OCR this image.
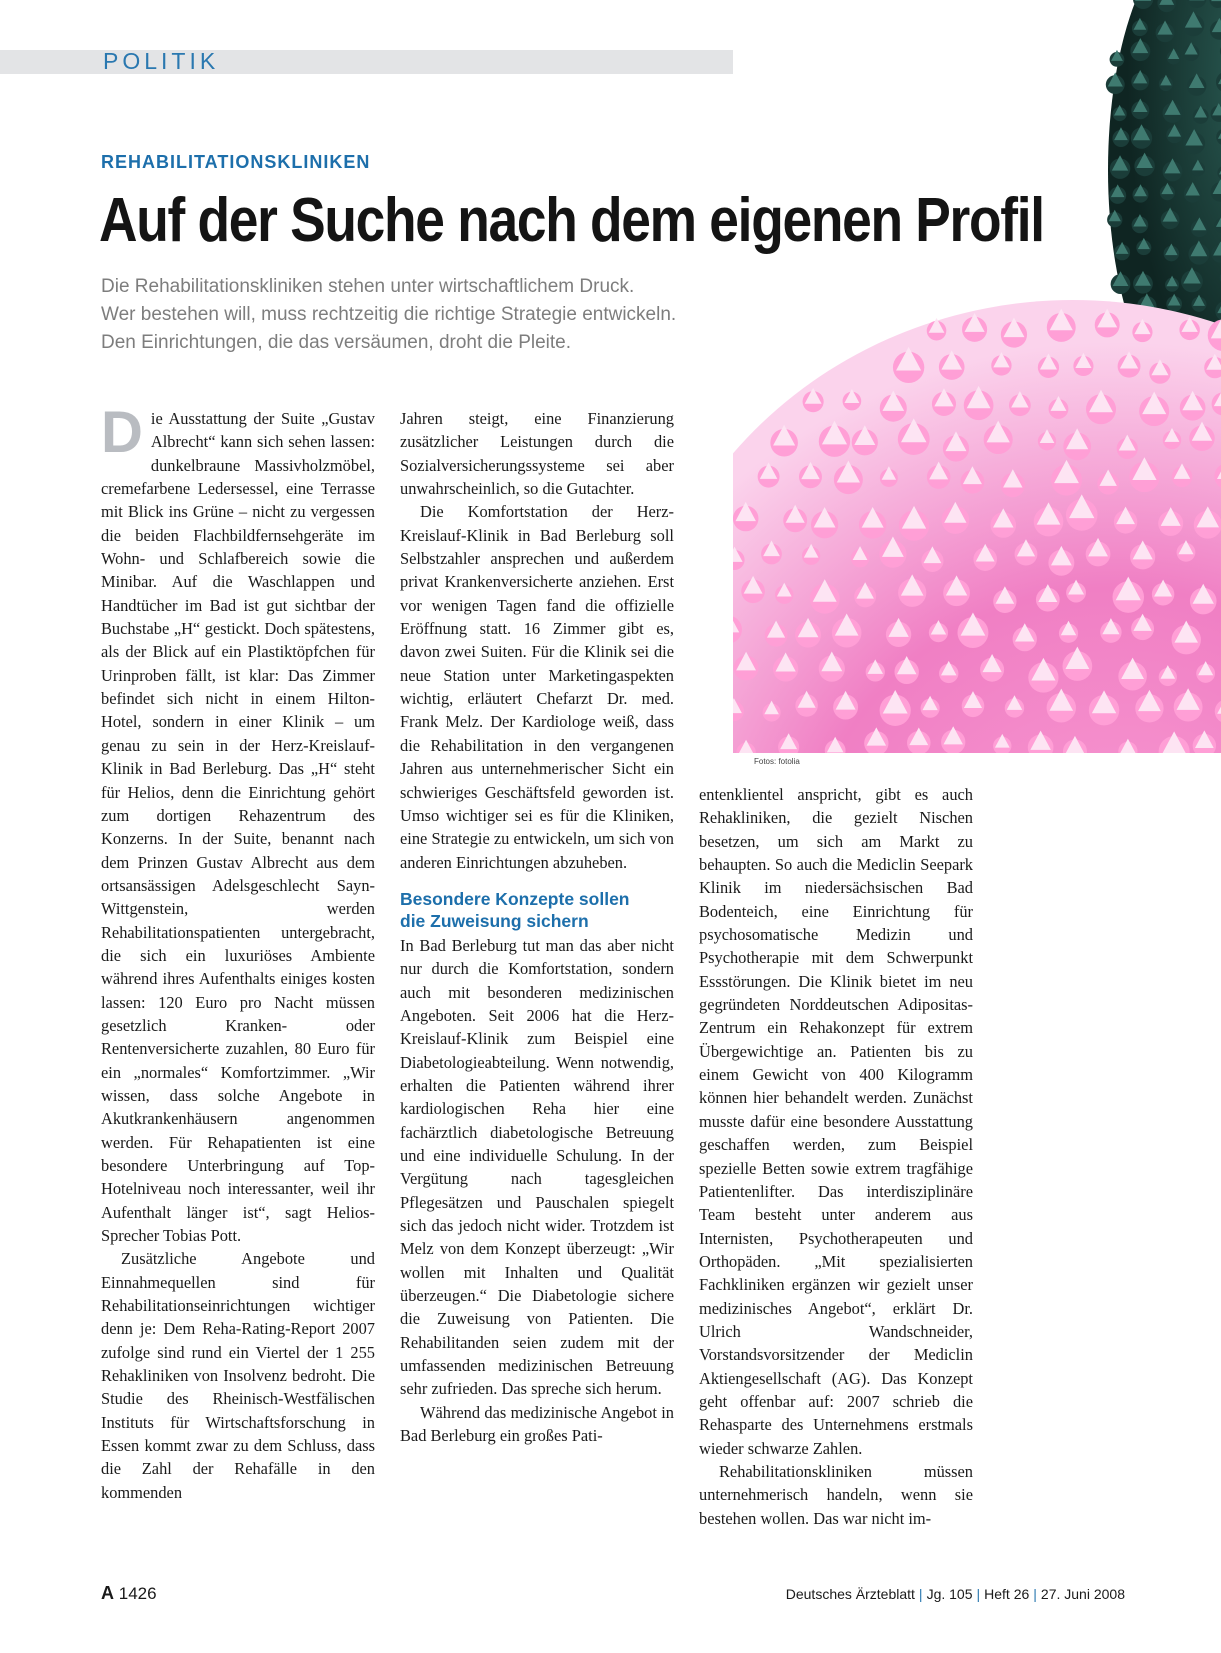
POLITIK
Fotos: fotolia
REHABILITATIONSKLINIKEN
Auf der Suche nach dem eigenen Profil
Die Rehabilitationskliniken stehen unter wirtschaftlichem Druck.
Wer bestehen will, muss rechtzeitig die richtige Strategie entwickeln.
Den Einrichtungen, die das versäumen, droht die Pleite.

Die Ausstattung der Suite „Gustav Albrecht“ kann sich sehen lassen: dunkelbraune Massivholzmöbel, cremefarbene Ledersessel, eine Terrasse mit Blick ins Grüne – nicht zu vergessen die beiden Flachbildfernsehgeräte im Wohn- und Schlafbereich sowie die Minibar. Auf die Waschlappen und Handtücher im Bad ist gut sichtbar der Buchstabe „H“ gestickt. Doch spätestens, als der Blick auf ein Plastiktöpfchen für Urinproben fällt, ist klar: Das Zimmer befindet sich nicht in einem Hilton-Hotel, sondern in einer Klinik – um genau zu sein in der Herz-Kreislauf-Klinik in Bad Berleburg. Das „H“ steht für Helios, denn die Einrichtung gehört zum dortigen Rehazentrum des Konzerns. In der Suite, benannt nach dem Prinzen Gustav Albrecht aus dem ortsansässigen Adelsgeschlecht Sayn-Wittgenstein, werden Rehabilitationspatienten untergebracht, die sich ein luxuriöses Ambiente während ihres Aufenthalts einiges kosten lassen: 120 Euro pro Nacht müssen gesetzlich Kranken- oder Rentenversicherte zuzahlen, 80 Euro für ein „normales“ Komfortzimmer. „Wir wissen, dass solche Angebote in Akutkrankenhäusern angenommen werden. Für Rehapatienten ist eine besondere Unterbringung auf Top-Hotelniveau noch interessanter, weil ihr Aufenthalt länger ist“, sagt Helios-Sprecher Tobias Pott.

Zusätzliche Angebote und Einnahmequellen sind für Rehabilitationseinrichtungen wichtiger denn je: Dem Reha-Rating-Report 2007 zufolge sind rund ein Viertel der 1 255 Rehakliniken von Insolvenz bedroht. Die Studie des Rheinisch-Westfälischen Instituts für Wirtschaftsforschung in Essen kommt zwar zu dem Schluss, dass die Zahl der Rehafälle in den kommenden

Jahren steigt, eine Finanzierung zusätzlicher Leistungen durch die Sozialversicherungssysteme sei aber unwahrscheinlich, so die Gutachter.

Die Komfortstation der Herz-Kreislauf-Klinik in Bad Berleburg soll Selbstzahler ansprechen und außerdem privat Krankenversicherte anziehen. Erst vor wenigen Tagen fand die offizielle Eröffnung statt. 16 Zimmer gibt es, davon zwei Suiten. Für die Klinik sei die neue Station unter Marketingaspekten wichtig, erläutert Chefarzt Dr. med. Frank Melz. Der Kardiologe weiß, dass die Rehabilitation in den vergangenen Jahren aus unternehmerischer Sicht ein schwieriges Geschäftsfeld geworden ist. Umso wichtiger sei es für die Kliniken, eine Strategie zu entwickeln, um sich von anderen Einrichtungen abzuheben.

Besondere Konzepte sollen
die Zuweisung sichern

In Bad Berleburg tut man das aber nicht nur durch die Komfortstation, sondern auch mit besonderen medizinischen Angeboten. Seit 2006 hat die Herz- Kreislauf-Klinik zum Beispiel eine Diabetologieabteilung. Wenn notwendig, erhalten die Patienten während ihrer kardiologischen Reha hier eine fachärztlich diabetologische Betreuung und eine individuelle Schulung. In der Vergütung nach tagesgleichen Pflegesätzen und Pauschalen spiegelt sich das jedoch nicht wider. Trotzdem ist Melz von dem Konzept überzeugt: „Wir wollen mit Inhalten und Qualität überzeugen.“ Die Diabetologie sichere die Zuweisung von Patienten. Die Rehabilitanden seien zudem mit der umfassenden medizinischen Betreuung sehr zufrieden. Das spreche sich herum.

Während das medizinische Angebot in Bad Berleburg ein großes Pati-

entenklientel anspricht, gibt es auch Rehakliniken, die gezielt Nischen besetzen, um sich am Markt zu behaupten. So auch die Mediclin Seepark Klinik im niedersächsischen Bad Bodenteich, eine Einrichtung für psychosomatische Medizin und Psychotherapie mit dem Schwerpunkt Essstörungen. Die Klinik bietet im neu gegründeten Norddeutschen Adipositas-Zentrum ein Rehakonzept für extrem Übergewichtige an. Patienten bis zu einem Gewicht von 400 Kilogramm können hier behandelt werden. Zunächst musste dafür eine besondere Ausstattung geschaffen werden, zum Beispiel spezielle Betten sowie extrem tragfähige Patientenlifter. Das interdisziplinäre Team besteht unter anderem aus Internisten, Psychotherapeuten und Orthopäden. „Mit spezialisierten Fachkliniken ergänzen wir gezielt unser medizinisches Angebot“, erklärt Dr. Ulrich Wandschneider, Vorstandsvorsitzender der Mediclin Aktiengesellschaft (AG). Das Konzept geht offenbar auf: 2007 schrieb die Rehasparte des Unternehmens erstmals wieder schwarze Zahlen.

Rehabilitationskliniken müssen unternehmerisch handeln, wenn sie bestehen wollen. Das war nicht im-

A 1426	Deutsches Ärzteblatt | Jg. 105 | Heft 26 | 27. Juni 2008
